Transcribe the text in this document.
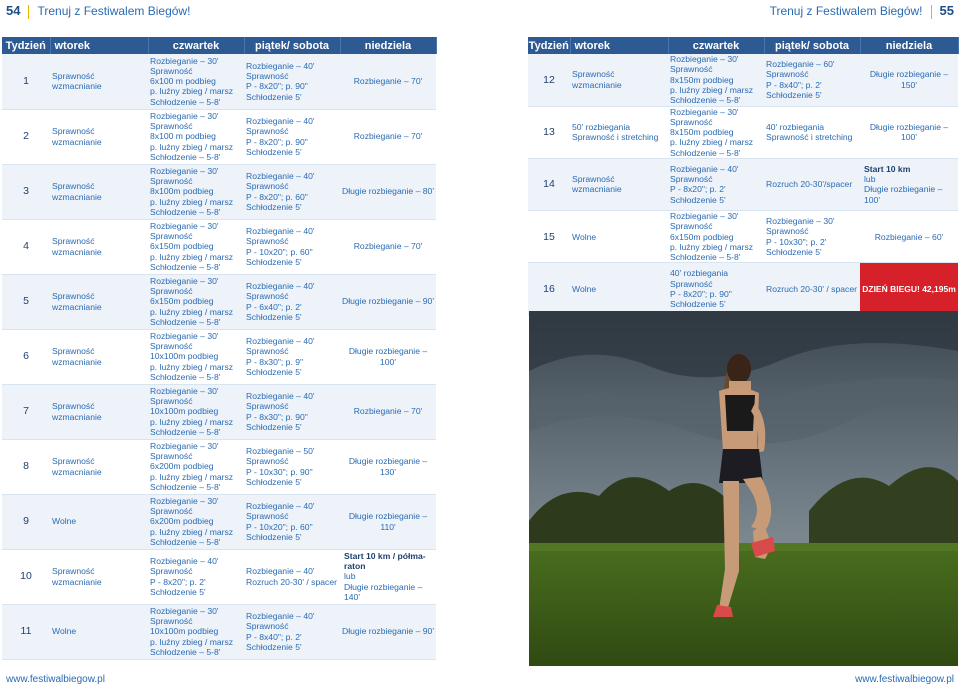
54 Trenuj z Festiwalem Biegów!	Trenuj z Festiwalem Biegów! 55
Tydzień	wtorek	czwartek	piątek/ sobota	niedziela
1	Sprawność
wzmacnianie	Rozbieganie – 30'
Sprawność
6x100 m podbieg
p. luźny zbieg / marsz
Schłodzenie – 5-8'	Rozbieganie – 40'
Sprawność
P - 8x20"; p. 90"
Schłodzenie 5'	Rozbieganie – 70'
2	Sprawność
wzmacnianie	Rozbieganie – 30'
Sprawność
8x100 m podbieg
p. luźny zbieg / marsz
Schłodzenie – 5-8'	Rozbieganie – 40'
Sprawność
P - 8x20"; p. 90"
Schłodzenie 5'	Rozbieganie – 70'
3	Sprawność
wzmacnianie	Rozbieganie – 30'
Sprawność
8x100m podbieg
p. luźny zbieg / marsz
Schłodzenie – 5-8'	Rozbieganie – 40'
Sprawność
P - 8x20"; p. 60"
Schłodzenie 5'	Długie rozbieganie – 80'
4	Sprawność
wzmacnianie	Rozbieganie – 30'
Sprawność
6x150m podbieg
p. luźny zbieg / marsz
Schłodzenie – 5-8'	Rozbieganie – 40'
Sprawność
P - 10x20"; p. 60"
Schłodzenie 5'	Rozbieganie – 70'
5	Sprawność
wzmacnianie	Rozbieganie – 30'
Sprawność
6x150m podbieg
p. luźny zbieg / marsz
Schłodzenie – 5-8'	Rozbieganie – 40'
Sprawność
P - 6x40"; p. 2'
Schłodzenie 5'	Długie rozbieganie – 90'
6	Sprawność
wzmacnianie	Rozbieganie – 30'
Sprawność
10x100m podbieg
p. luźny zbieg / marsz
Schłodzenie – 5-8'	Rozbieganie – 40'
Sprawność
P - 8x30"; p. 9"
Schłodzenie 5'	Długie rozbieganie – 100'
7	Sprawność
wzmacnianie	Rozbieganie – 30'
Sprawność
10x100m podbieg
p. luźny zbieg / marsz
Schłodzenie – 5-8'	Rozbieganie – 40'
Sprawność
P - 8x30"; p. 90"
Schłodzenie 5'	Rozbieganie – 70'
8	Sprawność
wzmacnianie	Rozbieganie – 30'
Sprawność
6x200m podbieg
p. luźny zbieg / marsz
Schłodzenie – 5-8'	Rozbieganie – 50'
Sprawność
P - 10x30"; p. 90"
Schłodzenie 5'	Długie rozbieganie – 130'
9	Wolne	Rozbieganie – 30'
Sprawność
6x200m podbieg
p. luźny zbieg / marsz
Schłodzenie – 5-8'	Rozbieganie – 40'
Sprawność
P - 10x20"; p. 60"
Schłodzenie 5'	Długie rozbieganie – 110'
10	Sprawność
wzmacnianie	Rozbieganie – 40'
Sprawność
P - 8x20"; p. 2'
Schłodzenie 5'	Rozbieganie – 40'
Rozruch 20-30' / spacer	Start 10 km / półma-
raton
lub
Długie rozbieganie – 140'

11	Wolne	Rozbieganie – 30'
Sprawność
10x100m podbieg
p. luźny zbieg / marsz
Schłodzenie – 5-8'	Rozbieganie – 40'
Sprawność
P - 8x40"; p. 2'
Schłodzenie 5'	Długie rozbieganie – 90'
Tydzień	wtorek	czwartek	piątek/ sobota	niedziela
12	Sprawność
wzmacnianie	Rozbieganie – 30'
Sprawność
8x150m podbieg
p. luźny zbieg / marsz
Schłodzenie – 5-8'	Rozbieganie – 60'
Sprawność
P - 8x40"; p. 2'
Schłodzenie 5'	Długie rozbieganie – 150'
13	50' rozbiegania
Sprawność i stretching	Rozbieganie – 30'
Sprawność
8x150m podbieg
p. luźny zbieg / marsz
Schłodzenie – 5-8'	40' rozbiegania
Sprawność i stretching	Długie rozbieganie – 100'
14	Sprawność
wzmacnianie	Rozbieganie – 40'
Sprawność
P - 8x20"; p. 2'
Schłodzenie 5'	Rozruch 20-30'/spacer	Start 10 km
lub
Długie rozbieganie – 100'

15	Wolne	Rozbieganie – 30'
Sprawność
6x150m podbieg
p. luźny zbieg / marsz
Schłodzenie – 5-8'	Rozbieganie – 30'
Sprawność
P - 10x30"; p. 2'
Schłodzenie 5'	Rozbieganie – 60'
16	Wolne	40' rozbiegania
Sprawność
P - 8x20"; p. 90"
Schłodzenie 5'	Rozruch 20-30' / spacer	DZIEŃ BIEGU! 42,195m
www.festiwalbiegow.pl	www.festiwalbiegow.pl
